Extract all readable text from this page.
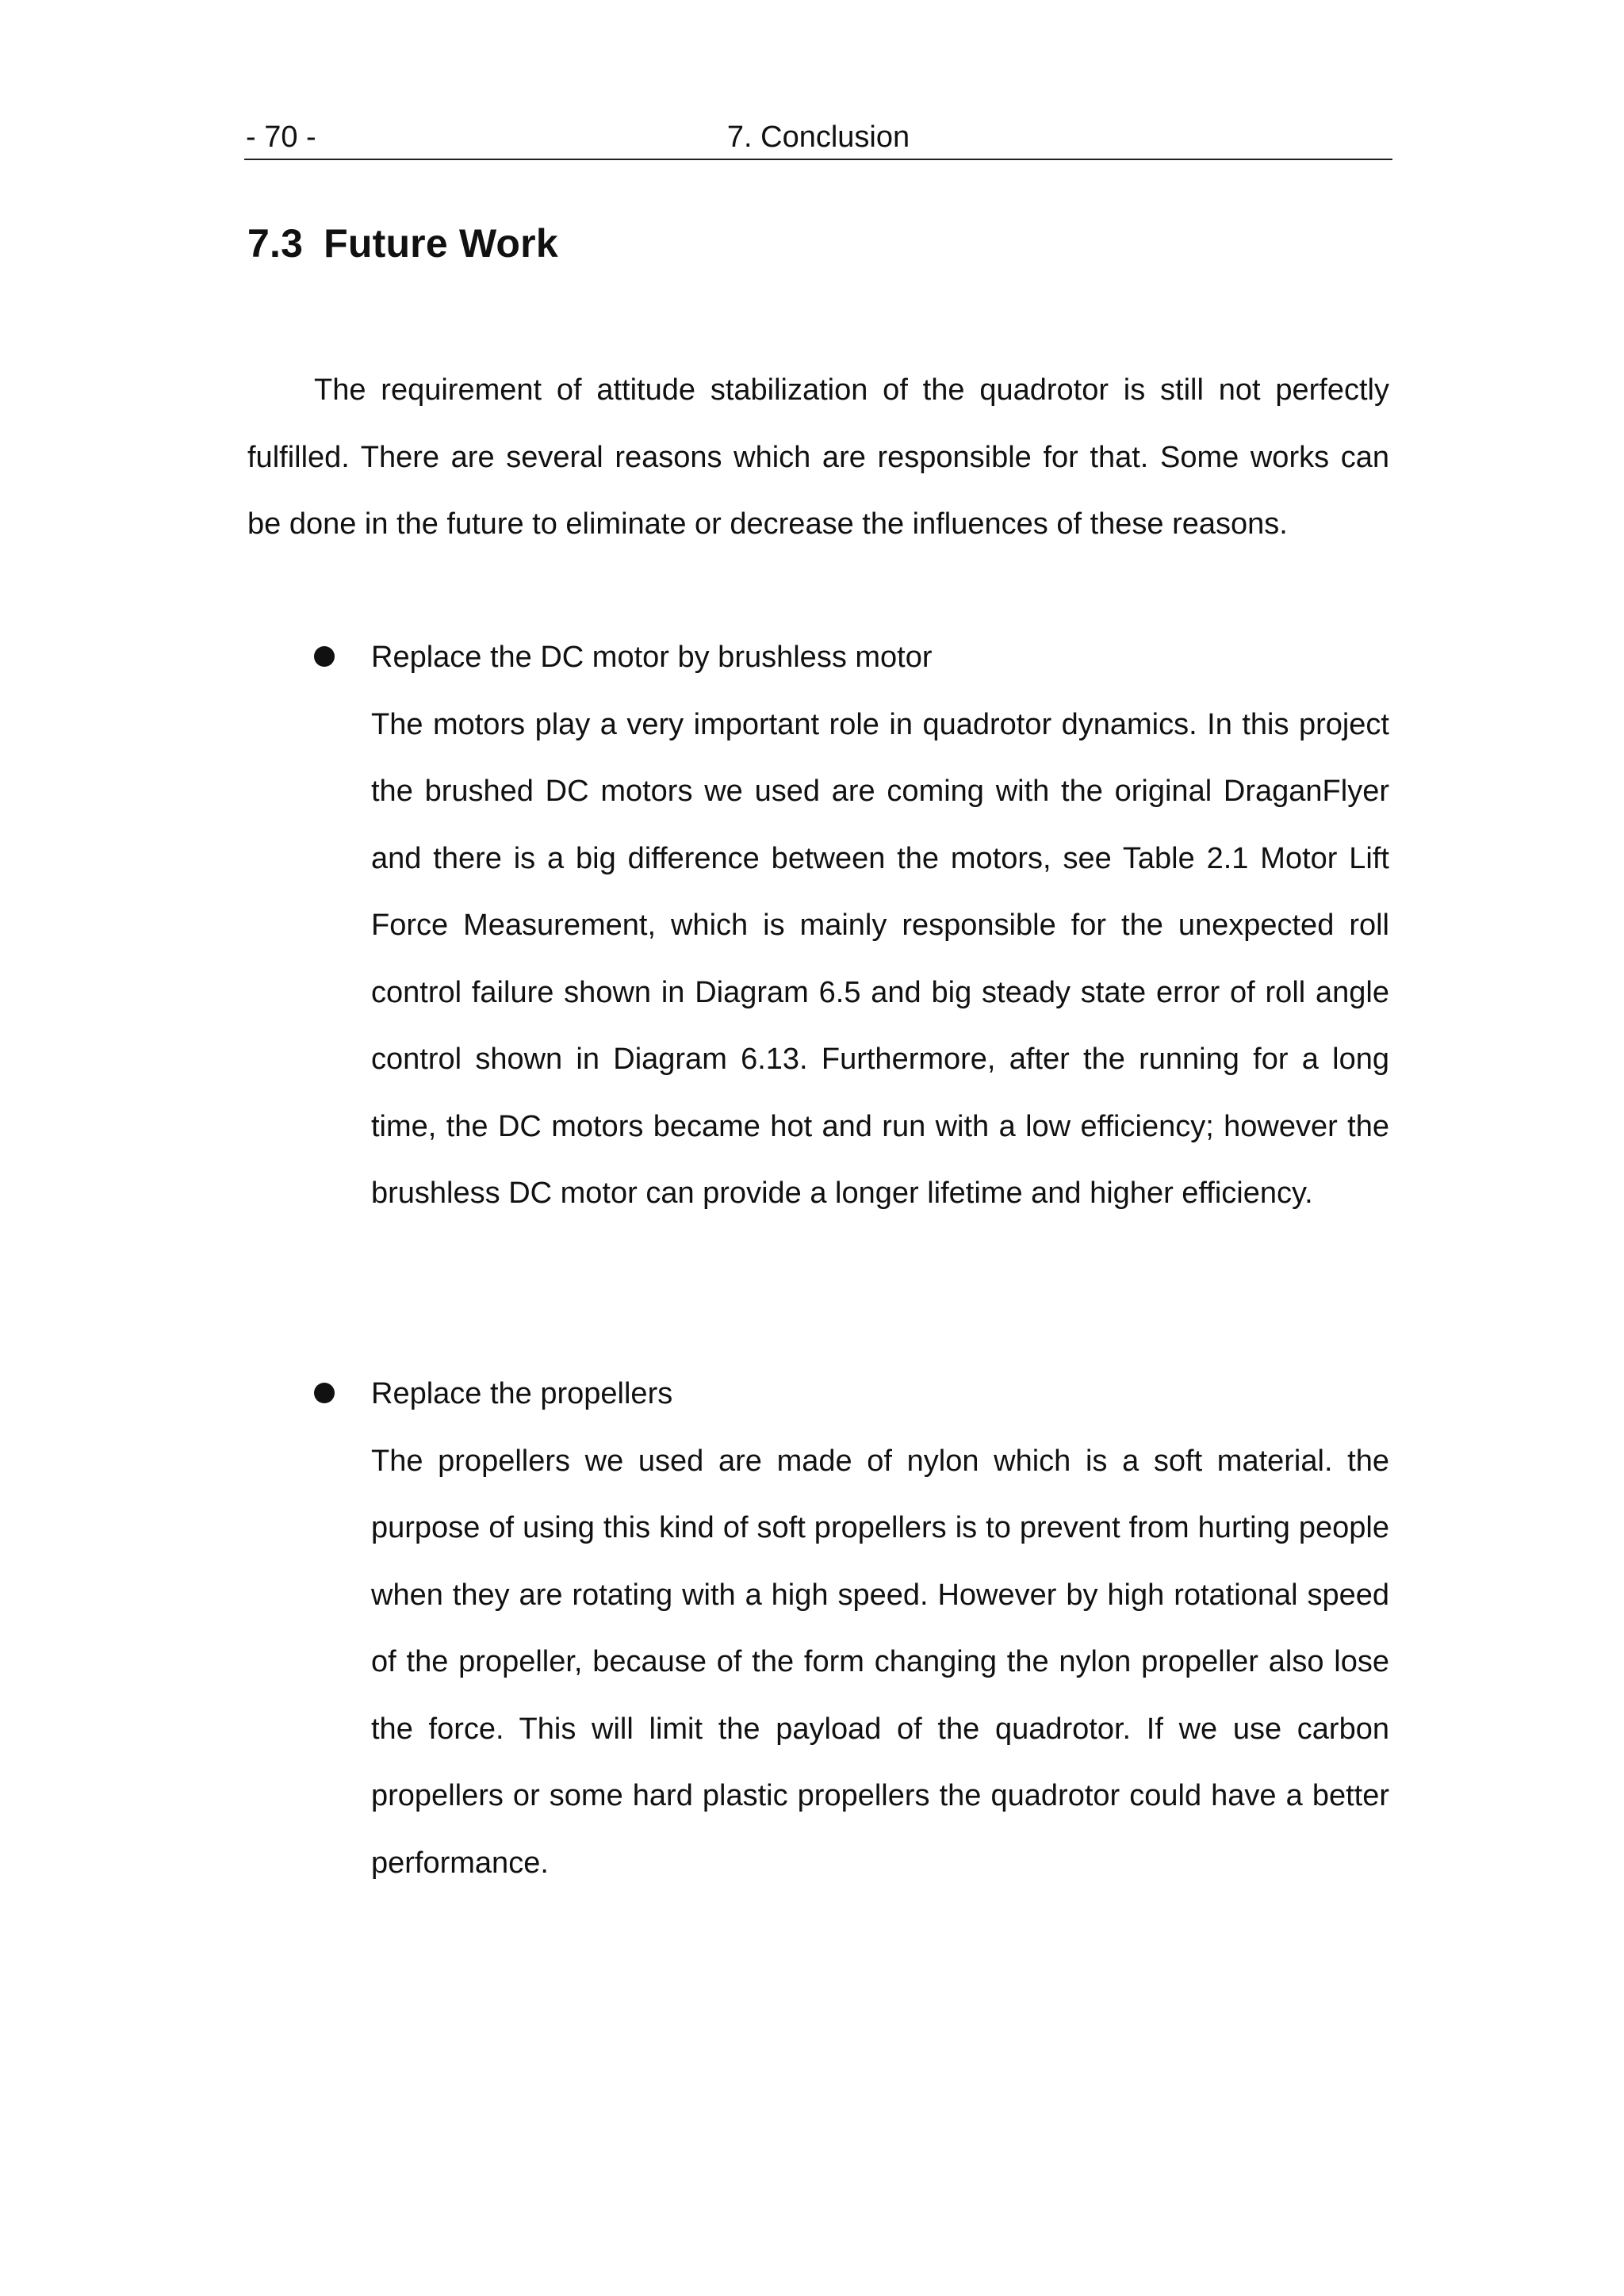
- 70 -	7. Conclusion
7.3 Future Work

The requirement of attitude stabilization of the quadrotor is still not perfectly fulfilled. There are several reasons which are responsible for that. Some works can be done in the future to eliminate or decrease the influences of these reasons.

Replace the DC motor by brushless motor

The motors play a very important role in quadrotor dynamics. In this project the brushed DC motors we used are coming with the original DraganFlyer and there is a big difference between the motors, see Table 2.1 Motor Lift Force Measurement, which is mainly responsible for the unexpected roll control failure shown in Diagram 6.5 and big steady state error of roll angle control shown in Diagram 6.13. Furthermore, after the running for a long time, the DC motors became hot and run with a low efficiency; however the brushless DC motor can provide a longer lifetime and higher efficiency.

Replace the propellers

The propellers we used are made of nylon which is a soft material. the purpose of using this kind of soft propellers is to prevent from hurting people when they are rotating with a high speed. However by high rotational speed of the propeller, because of the form changing the nylon propeller also lose the force. This will limit the payload of the quadrotor. If we use carbon propellers or some hard plastic propellers the quadrotor could have a better performance.
